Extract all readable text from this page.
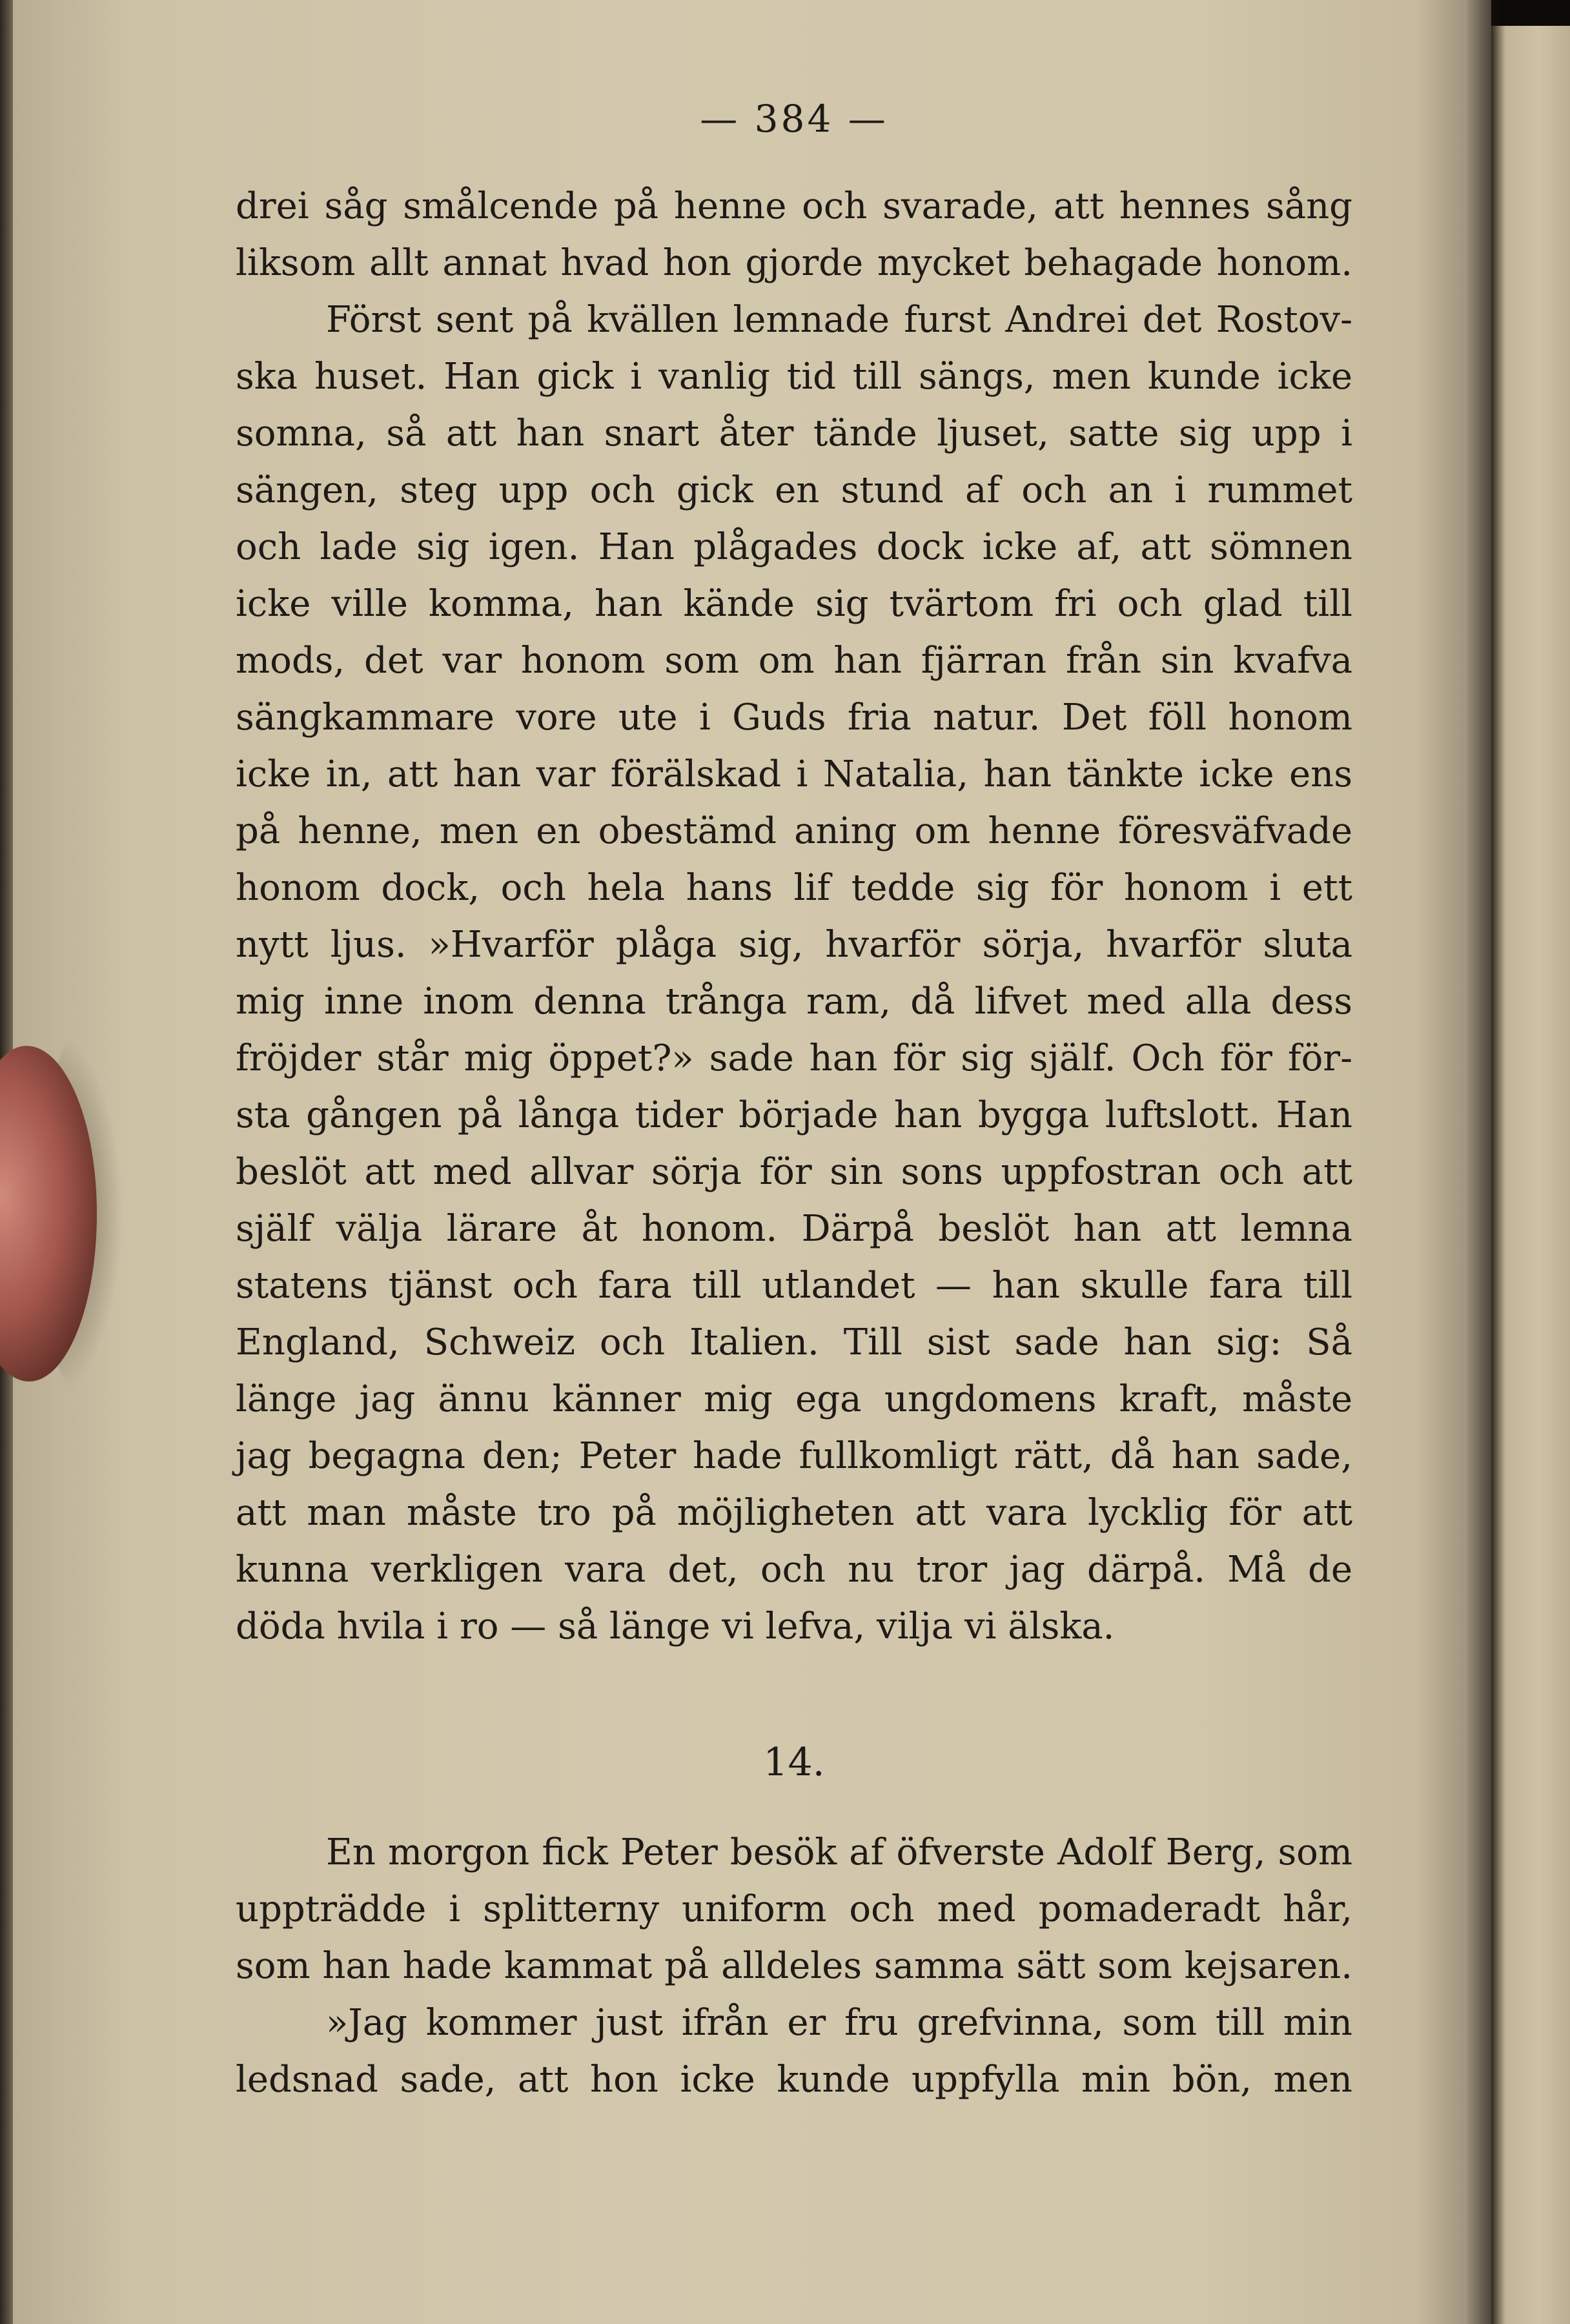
— 384 —
drei såg smålcende på henne och svarade, att hennes sång
liksom allt annat hvad hon gjorde mycket behagade honom.
Först sent på kvällen lemnade furst Andrei det Rostov-
ska huset. Han gick i vanlig tid till sängs, men kunde icke
somna, så att han snart åter tände ljuset, satte sig upp i
sängen, steg upp och gick en stund af och an i rummet
och lade sig igen. Han plågades dock icke af, att sömnen
icke ville komma, han kände sig tvärtom fri och glad till
mods, det var honom som om han fjärran från sin kvafva
sängkammare vore ute i Guds fria natur. Det föll honom
icke in, att han var förälskad i Natalia, han tänkte icke ens
på henne, men en obestämd aning om henne föresväfvade
honom dock, och hela hans lif tedde sig för honom i ett
nytt ljus. »Hvarför plåga sig, hvarför sörja, hvarför sluta
mig inne inom denna trånga ram, då lifvet med alla dess
fröjder står mig öppet?» sade han för sig själf. Och för för-
sta gången på långa tider började han bygga luftslott. Han
beslöt att med allvar sörja för sin sons uppfostran och att
själf välja lärare åt honom. Därpå beslöt han att lemna
statens tjänst och fara till utlandet — han skulle fara till
England, Schweiz och Italien. Till sist sade han sig: Så
länge jag ännu känner mig ega ungdomens kraft, måste
jag begagna den; Peter hade fullkomligt rätt, då han sade,
att man måste tro på möjligheten att vara lycklig för att
kunna verkligen vara det, och nu tror jag därpå. Må de
döda hvila i ro — så länge vi lefva, vilja vi älska.
14.
En morgon fick Peter besök af öfverste Adolf Berg, som
uppträdde i splitterny uniform och med pomaderadt hår,
som han hade kammat på alldeles samma sätt som kejsaren.
»Jag kommer just ifrån er fru grefvinna, som till min
ledsnad sade, att hon icke kunde uppfylla min bön, men
